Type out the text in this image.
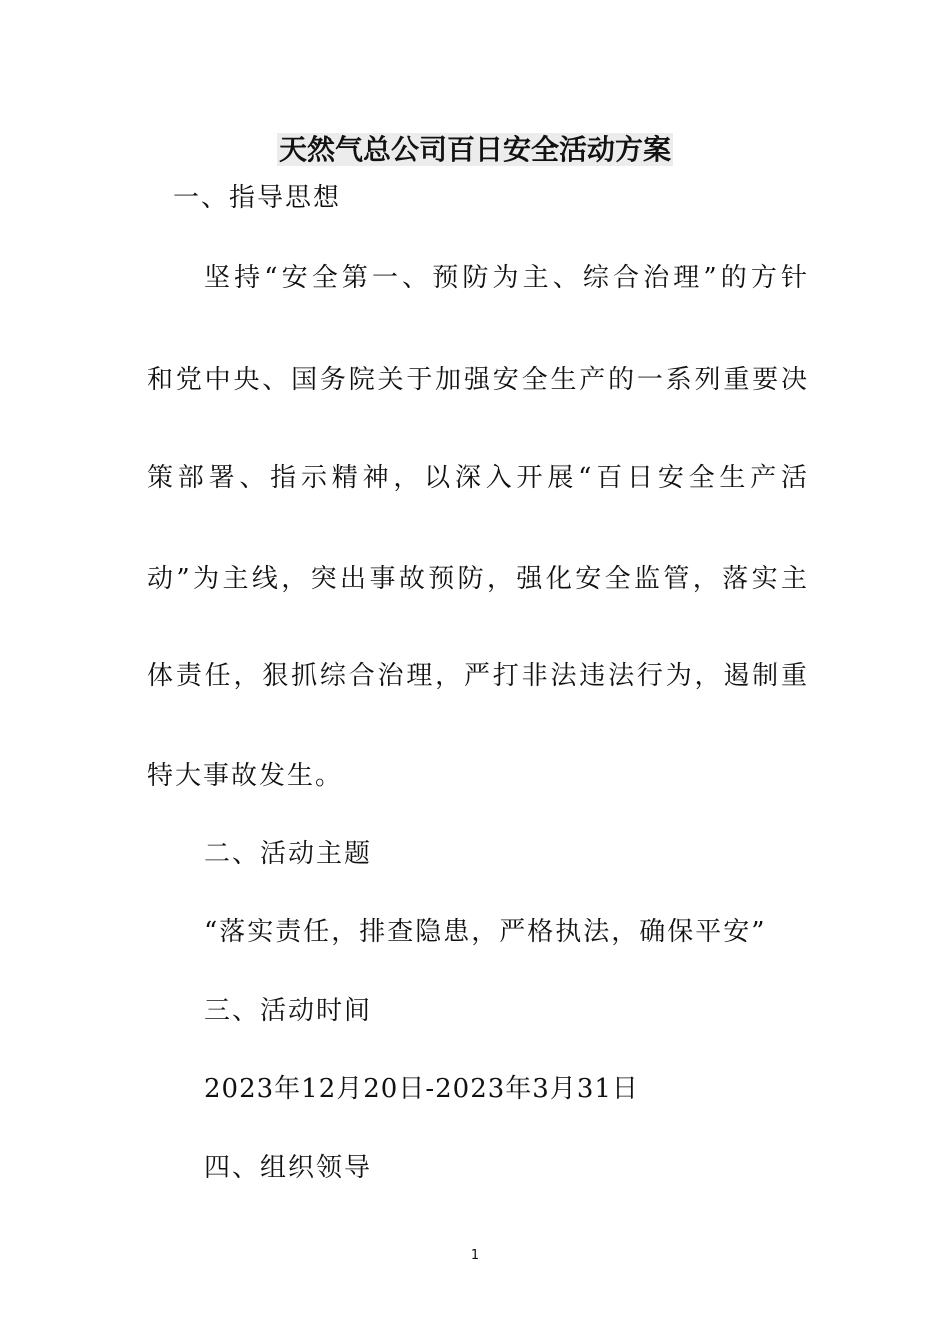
天然气总公司百日安全活动方案
一、指导思想
坚持“安全第一、预防为主、综合治理”的方针
和党中央、国务院关于加强安全生产的一系列重要决
策部署、指示精神，以深入开展“百日安全生产活
动”为主线，突出事故预防，强化安全监管，落实主
体责任，狠抓综合治理，严打非法违法行为，遏制重
特大事故发生。
二、活动主题
“落实责任，排查隐患，严格执法，确保平安”
三、活动时间
2023年12月20日-2023年3月31日
四、组织领导
1
